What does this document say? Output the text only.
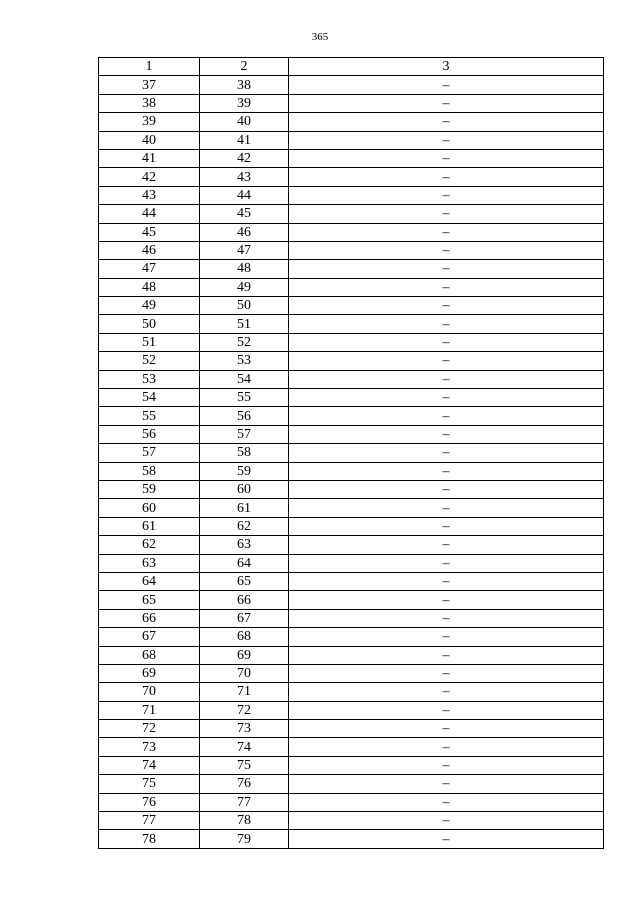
365
1	2	3
37	38	–
38	39	–
39	40	–
40	41	–
41	42	–
42	43	–
43	44	–
44	45	–
45	46	–
46	47	–
47	48	–
48	49	–
49	50	–
50	51	–
51	52	–
52	53	–
53	54	–
54	55	–
55	56	–
56	57	–
57	58	–
58	59	–
59	60	–
60	61	–
61	62	–
62	63	–
63	64	–
64	65	–
65	66	–
66	67	–
67	68	–
68	69	–
69	70	–
70	71	–
71	72	–
72	73	–
73	74	–
74	75	–
75	76	–
76	77	–
77	78	–
78	79	–
